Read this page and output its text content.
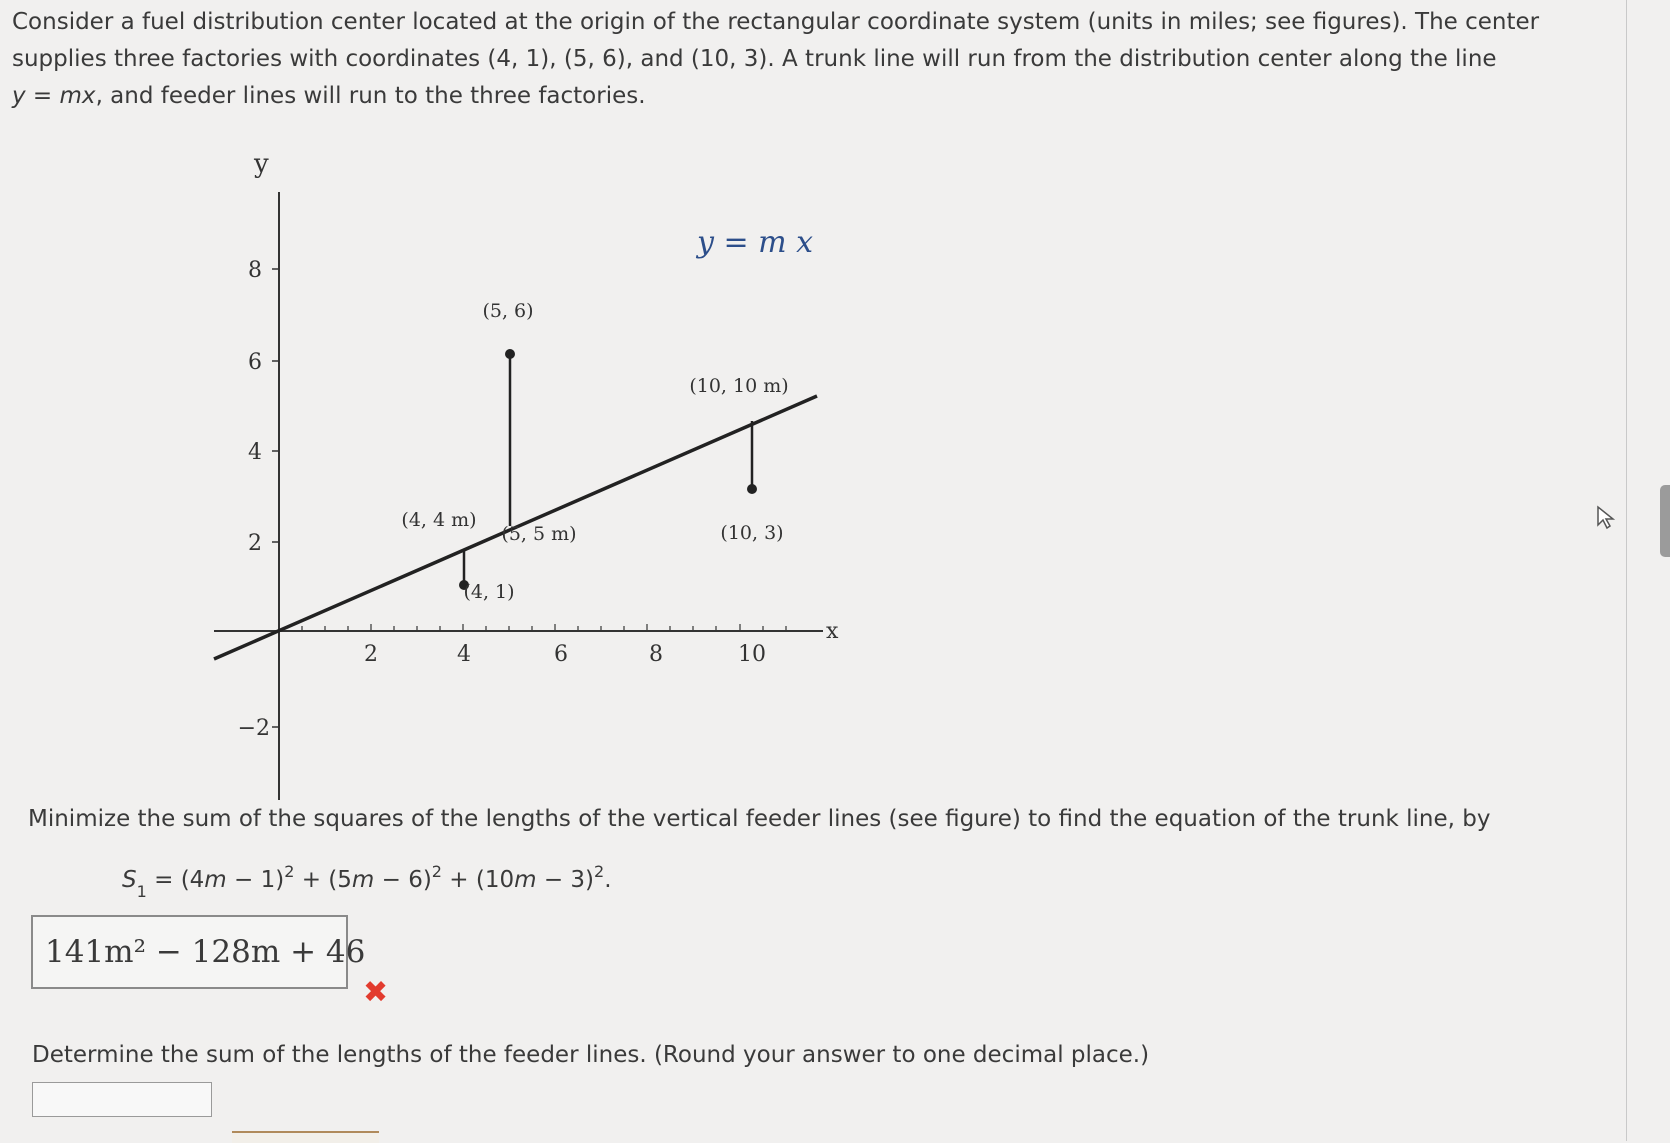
Consider a fuel distribution center located at the origin of the rectangular coordinate system (units in miles; see figures). The center
supplies three factories with coordinates (4, 1), (5, 6), and (10, 3). A trunk line will run from the distribution center along the line
y = mx, and feeder lines will run to the three factories.
y
x
y = m x
8
6
4
2
−2
2	4	6	8	10
(5, 6)
(10, 10 m)
(4, 4 m)
(5, 5 m)	(10, 3)
(4, 1)

Minimize the sum of the squares of the lengths of the vertical feeder lines (see figure) to find the equation of the trunk line, by

$S_1 = (4m - 1)^2 + (5m - 6)^2 + (10m - 3)^2$.
141m² − 128m + 46
✖

Determine the sum of the lengths of the feeder lines. (Round your answer to one decimal place.)
